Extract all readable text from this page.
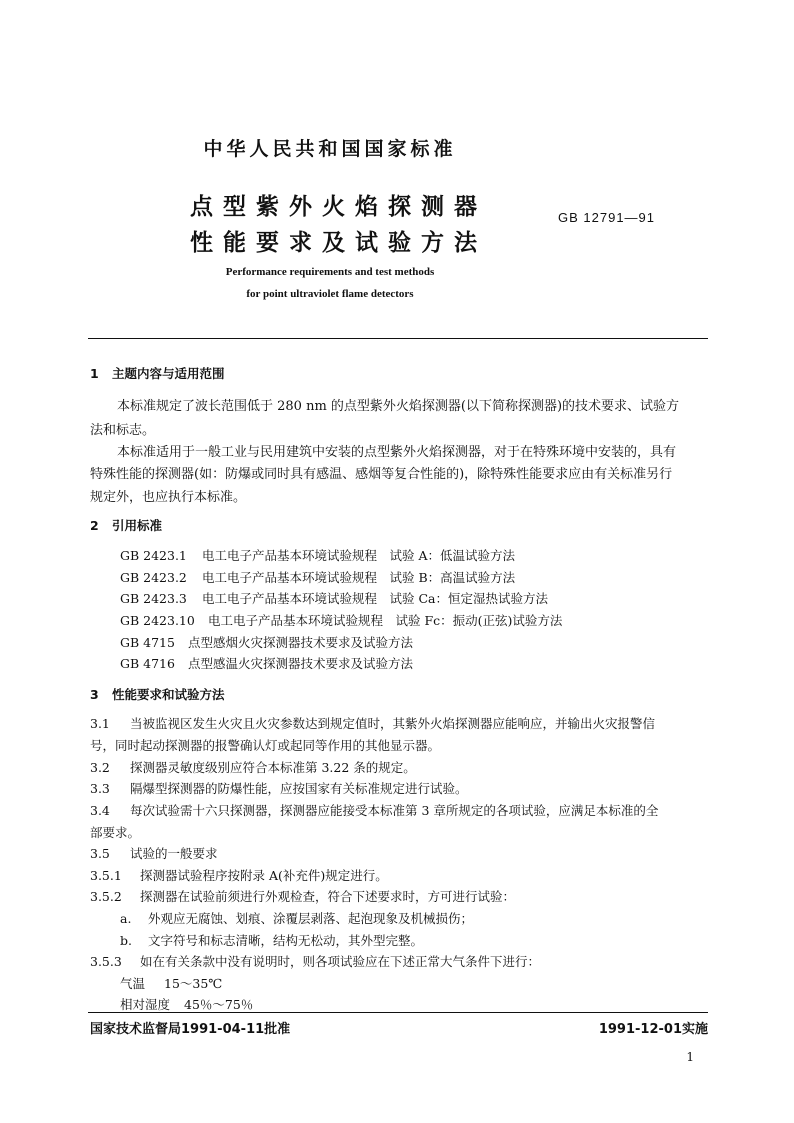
中华人民共和国国家标准
点型紫外火焰探测器
性能要求及试验方法
GB 12791—91
Performance requirements and test methods
for point ultraviolet flame detectors
1 主题内容与适用范围
本标准规定了波长范围低于 280 nm 的点型紫外火焰探测器(以下简称探测器)的技术要求、试验方
法和标志。
本标准适用于一般工业与民用建筑中安装的点型紫外火焰探测器，对于在特殊环境中安装的，具有
特殊性能的探测器(如：防爆或同时具有感温、感烟等复合性能的)，除特殊性能要求应由有关标准另行
规定外，也应执行本标准。
2 引用标准
GB 2423.1 电工电子产品基本环境试验规程　试验 A：低温试验方法
GB 2423.2 电工电子产品基本环境试验规程　试验 B：高温试验方法
GB 2423.3 电工电子产品基本环境试验规程　试验 Ca：恒定湿热试验方法
GB 2423.10 电工电子产品基本环境试验规程　试验 Fc：振动(正弦)试验方法
GB 4715 点型感烟火灾探测器技术要求及试验方法
GB 4716 点型感温火灾探测器技术要求及试验方法
3 性能要求和试验方法
3.1 当被监视区发生火灾且火灾参数达到规定值时，其紫外火焰探测器应能响应，并输出火灾报警信
号，同时起动探测器的报警确认灯或起同等作用的其他显示器。
3.2 探测器灵敏度级别应符合本标准第 3.22 条的规定。
3.3 隔爆型探测器的防爆性能，应按国家有关标准规定进行试验。
3.4 每次试验需十六只探测器，探测器应能接受本标准第 3 章所规定的各项试验，应满足本标准的全
部要求。
3.5 试验的一般要求
3.5.1 探测器试验程序按附录 A(补充件)规定进行。
3.5.2 探测器在试验前须进行外观检查，符合下述要求时，方可进行试验：
a. 外观应无腐蚀、划痕、涂覆层剥落、起泡现象及机械损伤；
b. 文字符号和标志清晰，结构无松动，其外型完整。
3.5.3 如在有关条款中没有说明时，则各项试验应在下述正常大气条件下进行：
气温 15～35℃
相对湿度 45％～75％
国家技术监督局1991-04-11批准	1991-12-01实施
1
